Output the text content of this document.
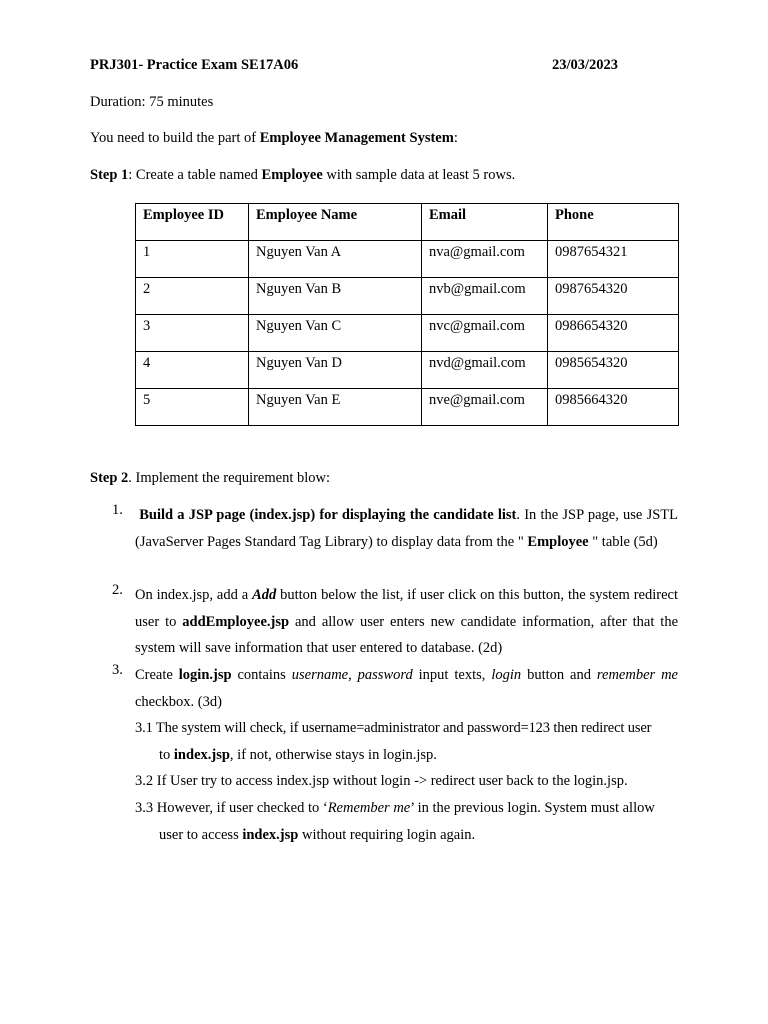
PRJ301- Practice Exam SE17A06	23/03/2023
Duration: 75 minutes
You need to build the part of Employee Management System:
Step 1: Create a table named Employee with sample data at least 5 rows.
Employee ID	Employee Name	Email	Phone
1	Nguyen Van A	nva@gmail.com	0987654321
2	Nguyen Van B	nvb@gmail.com	0987654320
3	Nguyen Van C	nvc@gmail.com	0986654320
4	Nguyen Van D	nvd@gmail.com	0985654320
5	Nguyen Van E	nve@gmail.com	0985664320
Step 2. Implement the requirement blow:
1. Build a JSP page (index.jsp) for displaying the candidate list. In the JSP page, use JSTL (JavaServer Pages Standard Tag Library) to display data from the " Employee " table (5d)
2. On index.jsp, add a Add button below the list, if user click on this button, the system redirect user to addEmployee.jsp and allow user enters new candidate information, after that the system will save information that user entered to database. (2d)
3. Create login.jsp contains username, password input texts, login button and remember me checkbox. (3d)
3.1 The system will check, if username=administrator and password=123 then redirect user
to index.jsp, if not, otherwise stays in login.jsp.
3.2 If User try to access index.jsp without login -> redirect user back to the login.jsp.
3.3 However, if user checked to ‘Remember me’ in the previous login. System must allow
user to access index.jsp without requiring login again.
